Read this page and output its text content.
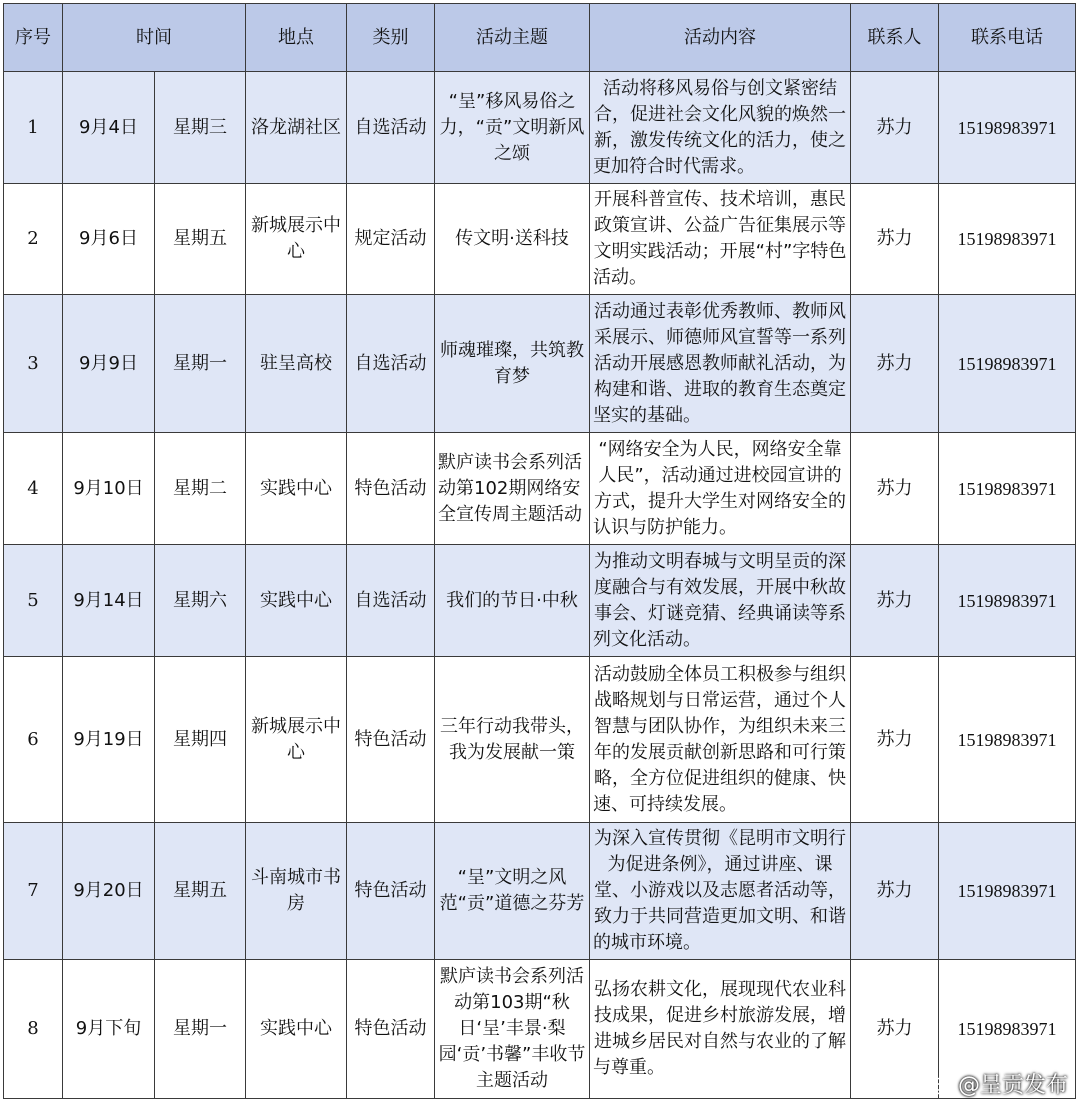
序号	时间		地点	类别	活动主题	活动内容	联系人	联系电话
1	9月4日	星期三	洛龙湖社区	自选活动	“呈”移风易俗之力，“贡”文明新风之颂	活动将移风易俗与创文紧密结合，促进社会文化风貌的焕然一新，激发传统文化的活力，使之更加符合时代需求。	苏力	15198983971
2	9月6日	星期五	新城展示中心	规定活动	传文明·送科技	开展科普宣传、技术培训，惠民政策宣讲、公益广告征集展示等文明实践活动；开展“村”字特色活动。	苏力	15198983971
3	9月9日	星期一	驻呈高校	自选活动	师魂璀璨，共筑教育梦	活动通过表彰优秀教师、教师风采展示、师德师风宣誓等一系列活动开展感恩教师献礼活动，为构建和谐、进取的教育生态奠定坚实的基础。	苏力	15198983971
4	9月10日	星期二	实践中心	特色活动	默庐读书会系列活动第102期网络安全宣传周主题活动	“网络安全为人民，网络安全靠人民”，活动通过进校园宣讲的方式，提升大学生对网络安全的认识与防护能力。	苏力	15198983971
5	9月14日	星期六	实践中心	自选活动	我们的节日·中秋	为推动文明春城与文明呈贡的深度融合与有效发展，开展中秋故事会、灯谜竞猜、经典诵读等系列文化活动。	苏力	15198983971
6	9月19日	星期四	新城展示中心	特色活动	三年行动我带头，我为发展献一策	活动鼓励全体员工积极参与组织战略规划与日常运营，通过个人智慧与团队协作，为组织未来三年的发展贡献创新思路和可行策略，全方位促进组织的健康、快速、可持续发展。	苏力	15198983971
7	9月20日	星期五	斗南城市书房	特色活动	“呈”文明之风范“贡”道德之芬芳	为深入宣传贯彻《昆明市文明行为促进条例》，通过讲座、课堂、小游戏以及志愿者活动等，致力于共同营造更加文明、和谐的城市环境。	苏力	15198983971
8	9月下旬	星期一	实践中心	特色活动	默庐读书会系列活动第103期“秋日‘呈’丰景·梨园‘贡’书馨”丰收节主题活动	弘扬农耕文化，展现现代农业科技成果，促进乡村旅游发展，增进城乡居民对自然与农业的了解与尊重。	苏力	15198983971
@呈贡发布
